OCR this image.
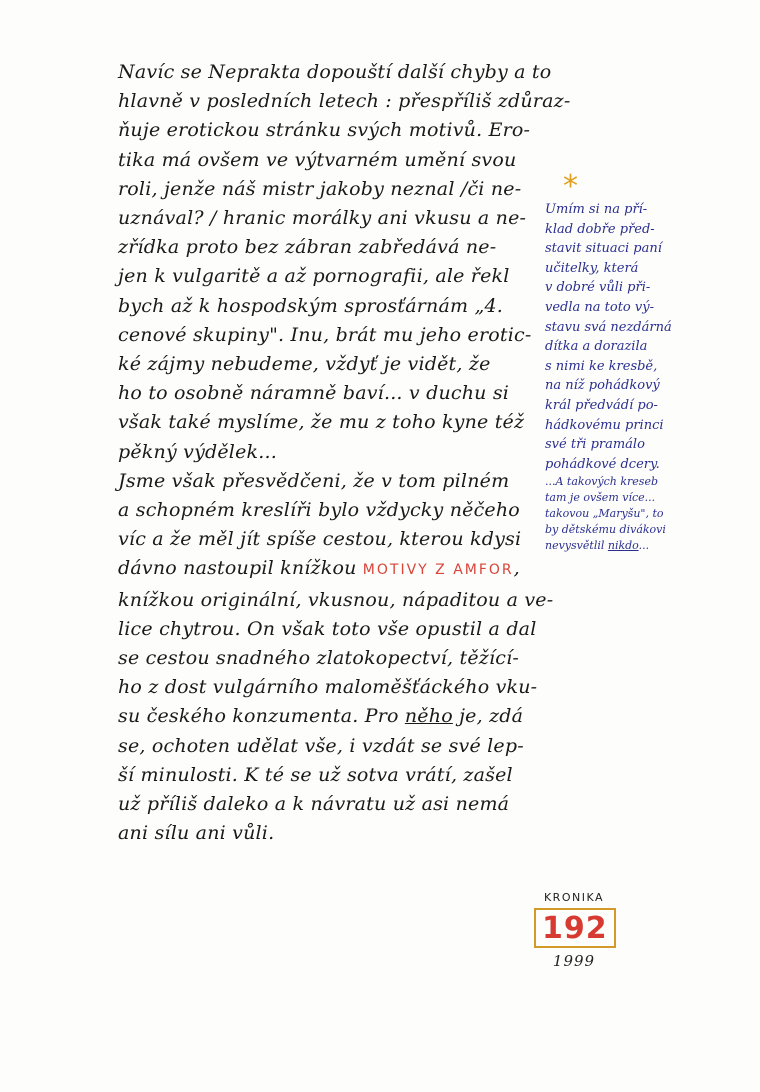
Navíc se Neprakta dopouští další chyby a to
hlavně v posledních letech : přespříliš zdůraz-
ňuje erotickou stránku svých motivů. Ero-
tika má ovšem ve výtvarném umění svou
roli, jenže náš mistr jakoby neznal /či ne-
uznával? / hranic morálky ani vkusu a ne-
zřídka proto bez zábran zabředává ne-
jen k vulgaritě a až pornografii, ale řekl
bych až k hospodským sprosťárnám „4.
cenové skupiny". Inu, brát mu jeho erotic-
ké zájmy nebudeme, vždyť je vidět, že
ho to osobně náramně baví... v duchu si
však také myslíme, že mu z toho kyne též
pěkný výdělek...
Jsme však přesvědčeni, že v tom pilném
a schopném kreslíři bylo vždycky něčeho
víc a že měl jít spíše cestou, kterou kdysi
dávno nastoupil knížkou MOTIVY Z AMFOR,
knížkou originální, vkusnou, nápaditou a ve-
lice chytrou. On však toto vše opustil a dal
se cestou snadného zlatokopectví, těžící-
ho z dost vulgárního maloměšťáckého vku-
su českého konzumenta. Pro něho je, zdá
se, ochoten udělat vše, i vzdát se své lep-
ší minulosti. K té se už sotva vrátí, zašel
už příliš daleko a k návratu už asi nemá
ani sílu ani vůli.
*
Umím si na pří-
klad dobře před-
stavit situaci paní
učitelky, která
v dobré vůli při-
vedla na toto vý-
stavu svá nezdárná
dítka a dorazila
s nimi ke kresbě,
na níž pohádkový
král předvádí po-
hádkovému princi
své tři pramálo
pohádkové dcery.
...A takových kreseb
tam je ovšem více...
takovou „Maryšu", to
by dětskému divákovi
nevysvětlil nikdo...
KRONIKA
192
1999
